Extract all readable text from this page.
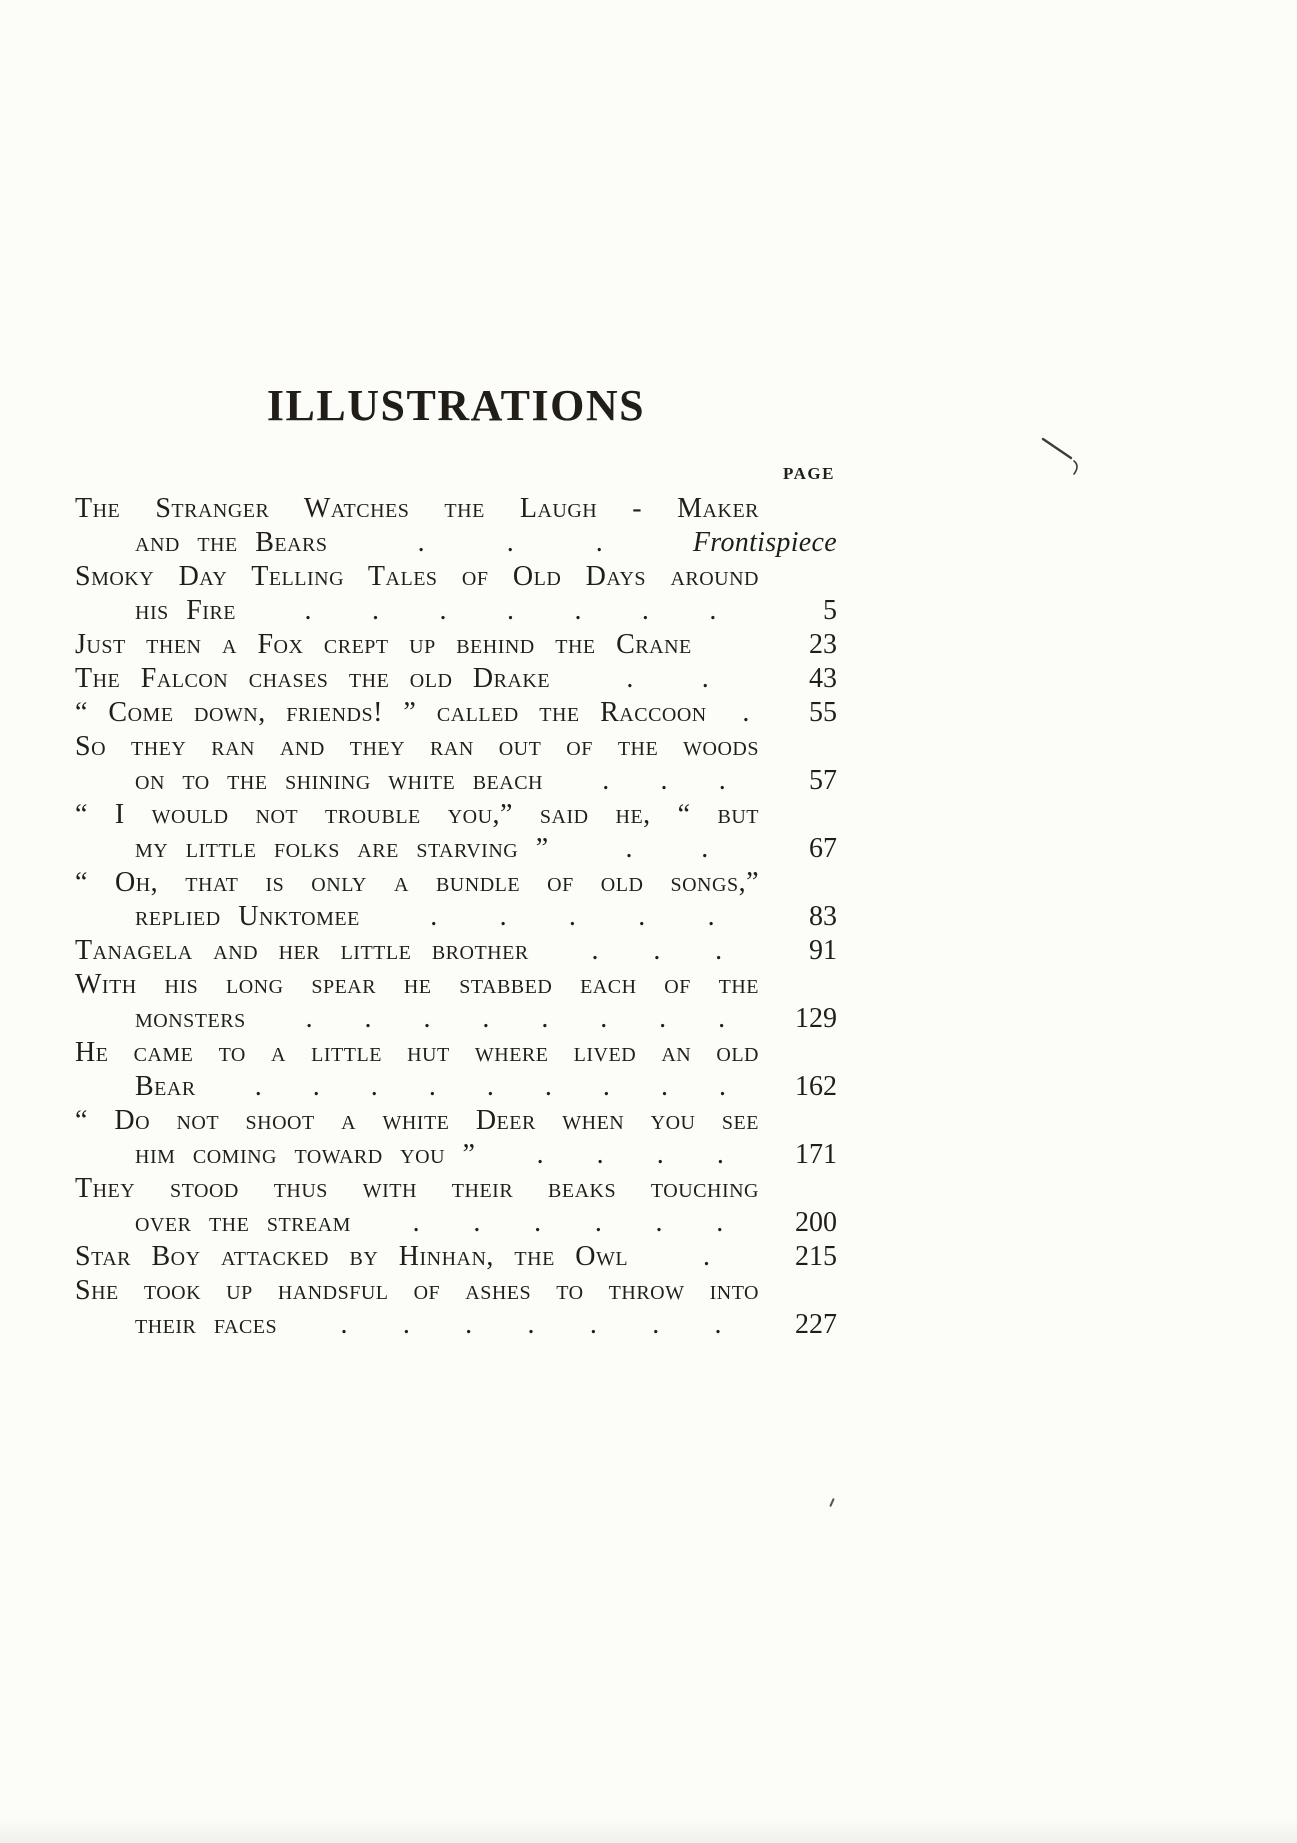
ILLUSTRATIONS
PAGE
The Stranger Watches the Laugh - Maker
and the Bears	.	.	.	Frontispiece
Smoky Day Telling Tales of Old Days around
his Fire . . . . . . .	5
Just then a Fox crept up behind the Crane	23
The Falcon chases the old Drake	. .	43
“ Come down, friends! ” called the Raccoon .	55
So they ran and they ran out of the woods
on to the shining white beach . . .	57
“ I would not trouble you,” said he, “ but
my little folks are starving ”	. .	67
“ Oh, that is only a bundle of old songs,”
replied Unktomee	. . . . .	83
Tanagela and her little brother . . .	91
With his long spear he stabbed each of the
monsters . . . . . . . .	129
He came to a little hut where lived an old
Bear . . . . . . . . .	162
“ Do not shoot a white Deer when you see
him coming toward you ” . . . .	171
They stood thus with their beaks touching
over the stream . . . . . .	200
Star Boy attacked by Hinhan, the Owl	.	215
She took up handsful of ashes to throw into
their faces . . . . . . .	227
